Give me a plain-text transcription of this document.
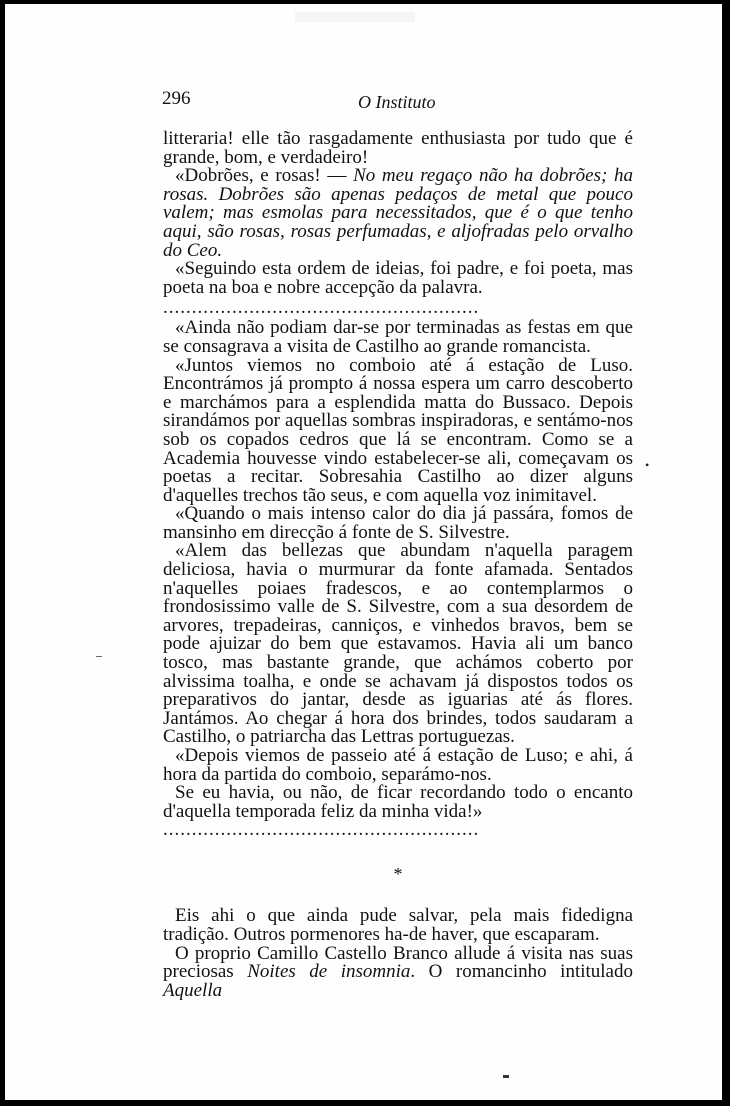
296	O Instituto

litteraria! elle tão rasgadamente enthusiasta por tudo que é grande, bom, e verdadeiro!

«Dobrões, e rosas! — No meu regaço não ha dobrões; ha rosas. Dobrões são apenas pedaços de metal que pouco valem; mas esmolas para necessitados, que é o que tenho aqui, são rosas, rosas perfumadas, e aljofradas pelo orvalho do Ceo.

«Seguindo esta ordem de ideias, foi padre, e foi poeta, mas poeta na boa e nobre accepção da palavra.

.......................................................

«Ainda não podiam dar-se por terminadas as festas em que se consagrava a visita de Castilho ao grande romancista.

«Juntos viemos no comboio até á estação de Luso. Encontrámos já prompto á nossa espera um carro descoberto e marchámos para a esplendida matta do Bussaco. Depois sirandámos por aquellas sombras inspiradoras, e sentámo-nos sob os copados cedros que lá se encontram. Como se a Academia houvesse vindo estabelecer-se ali, começavam os poetas a recitar. Sobresahia Castilho ao dizer alguns d'aquelles trechos tão seus, e com aquella voz inimitavel.

«Quando o mais intenso calor do dia já passára, fomos de mansinho em direcção á fonte de S. Silvestre.

«Alem das bellezas que abundam n'aquella paragem deliciosa, havia o murmurar da fonte afamada. Sentados n'aquelles poiaes fradescos, e ao contemplarmos o frondosissimo valle de S. Silvestre, com a sua desordem de arvores, trepadeiras, canniços, e vinhedos bravos, bem se pode ajuizar do bem que estavamos. Havia ali um banco tosco, mas bastante grande, que achámos coberto por alvissima toalha, e onde se achavam já dispostos todos os preparativos do jantar, desde as iguarias até ás flores. Jantámos. Ao chegar á hora dos brindes, todos saudaram a Castilho, o patriarcha das Lettras portuguezas.

«Depois viemos de passeio até á estação de Luso; e ahi, á hora da partida do comboio, separámo-nos.

Se eu havia, ou não, de ficar recordando todo o encanto d'aquella temporada feliz da minha vida!»

.......................................................

*

Eis ahi o que ainda pude salvar, pela mais fidedigna tradição. Outros pormenores ha-de haver, que escaparam.

O proprio Camillo Castello Branco allude á visita nas suas preciosas Noites de insomnia. O romancinho intitulado Aquella

•
